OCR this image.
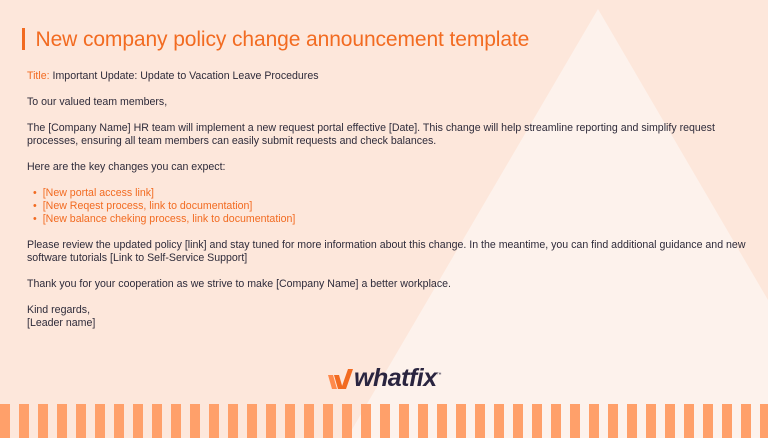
New company policy change announcement template

Title: Important Update: Update to Vacation Leave Procedures

To our valued team members,

The [Company Name] HR team will implement a new request portal effective [Date]. This change will help streamline reporting and simplify request processes, ensuring all team members can easily submit requests and check balances.

Here are the key changes you can expect:

• [New portal access link]
• [New Reqest process, link to documentation]
• [New balance cheking process, link to documentation]

Please review the updated policy [link] and stay tuned for more information about this change. In the meantime, you can find additional guidance and new software tutorials [Link to Self-Service Support]

Thank you for your cooperation as we strive to make [Company Name] a better workplace.

Kind regards,
[Leader name]
whatfix ™
